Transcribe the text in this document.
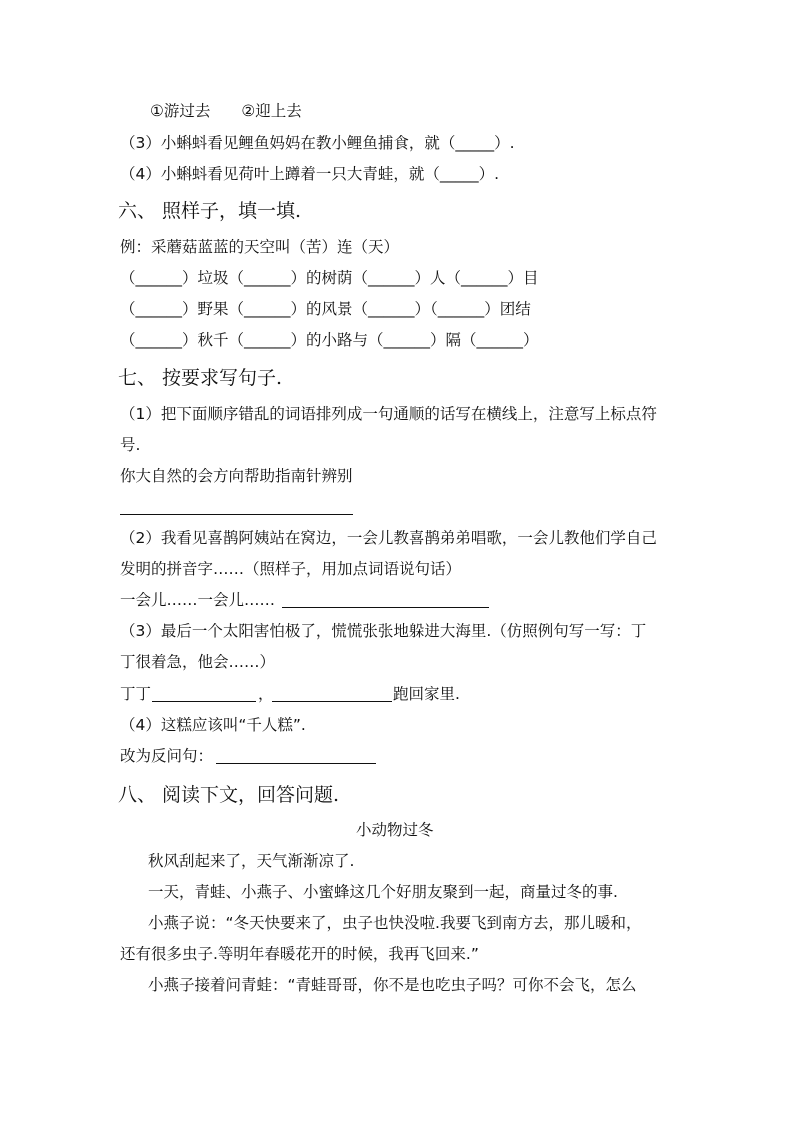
①游过去　　②迎上去
（3）小蝌蚪看见鲤鱼妈妈在教小鲤鱼捕食，就（_____）.
（4）小蝌蚪看见荷叶上蹲着一只大青蛙，就（_____）.
六、 照样子，填一填.
例：采蘑菇蓝蓝的天空叫（苦）连（天）
（______）垃圾（______）的树荫（______）人（______）目
（______）野果（______）的风景（______）（______）团结
（______）秋千（______）的小路与（______）隔（______）
七、 按要求写句子.
（1）把下面顺序错乱的词语排列成一句通顺的话写在横线上，注意写上标点符
号.
你大自然的会方向帮助指南针辨别
（2）我看见喜鹊阿姨站在窝边，一会儿教喜鹊弟弟唱歌，一会儿教他们学自己
发明的拼音字……（照样子，用加点词语说句话）
一会儿……一会儿……
（3）最后一个太阳害怕极了，慌慌张张地躲进大海里.（仿照例句写一写：丁
丁很着急，他会……）
丁丁	，	跑回家里.
（4）这糕应该叫“千人糕”.
改为反问句：
八、 阅读下文，回答问题.
小动物过冬
秋风刮起来了，天气渐渐凉了.
一天，青蛙、小燕子、小蜜蜂这几个好朋友聚到一起，商量过冬的事.
小燕子说：“冬天快要来了，虫子也快没啦.我要飞到南方去，那儿暖和，
还有很多虫子.等明年春暖花开的时候，我再飞回来.”
小燕子接着问青蛙：“青蛙哥哥，你不是也吃虫子吗？可你不会飞，怎么
